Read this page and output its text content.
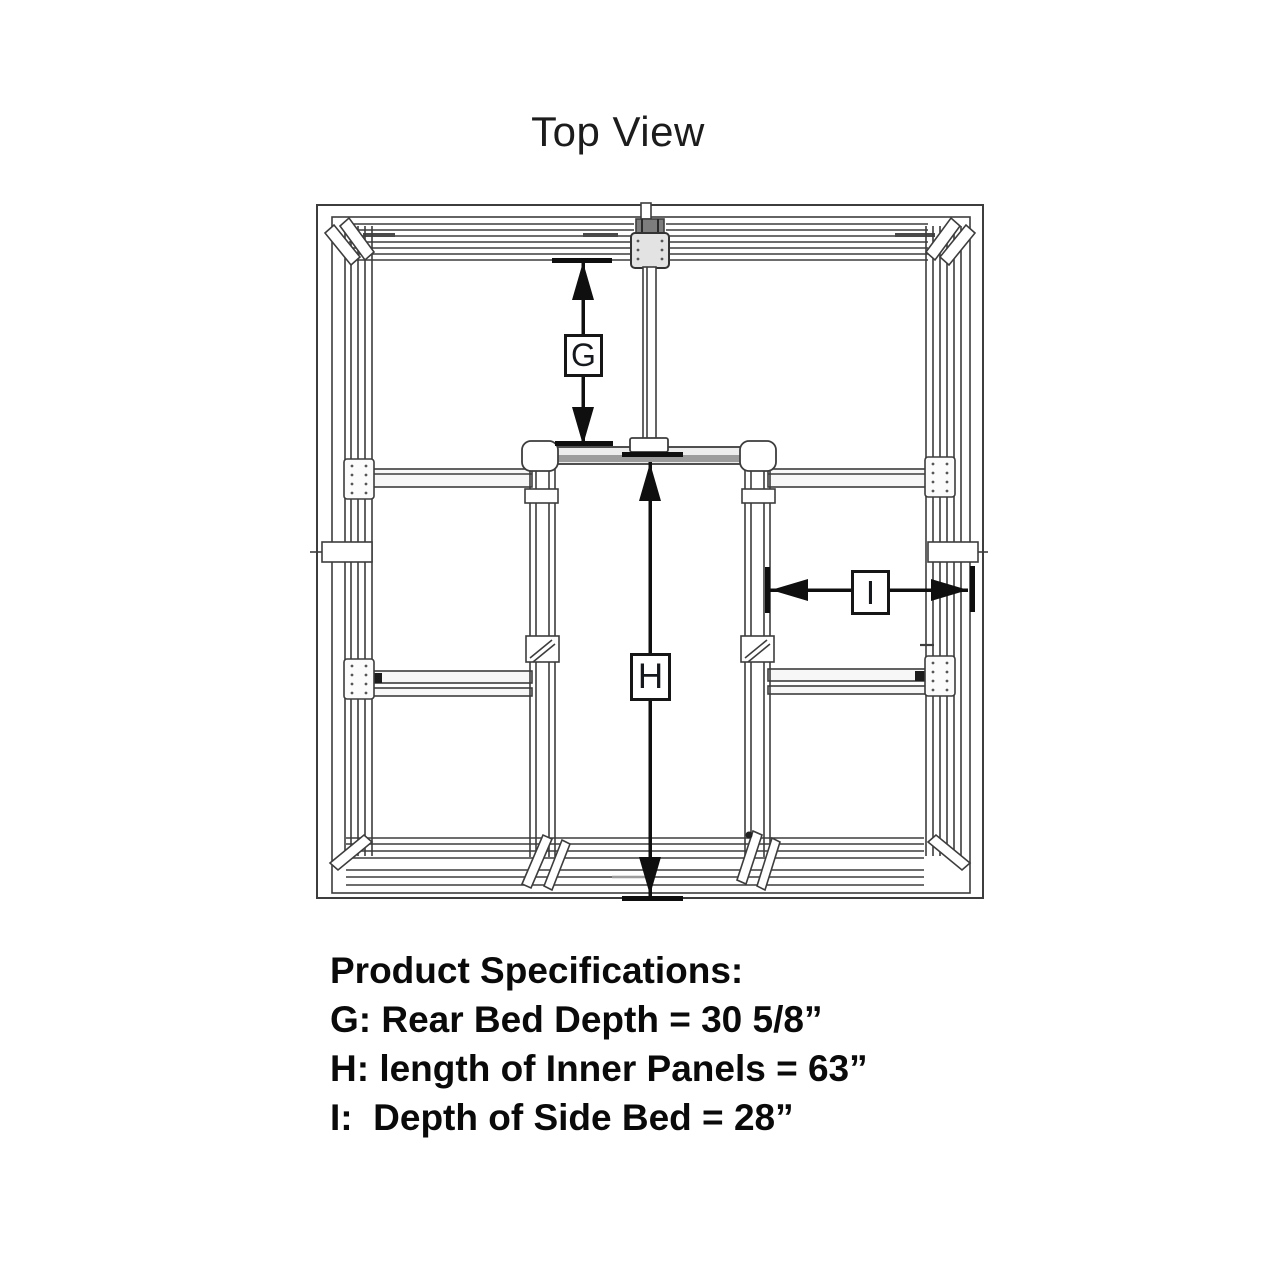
Top View
G
H
I
Product Specifications:
G: Rear Bed Depth = 30 5/8”
H: length of Inner Panels = 63”
I:  Depth of Side Bed = 28”
